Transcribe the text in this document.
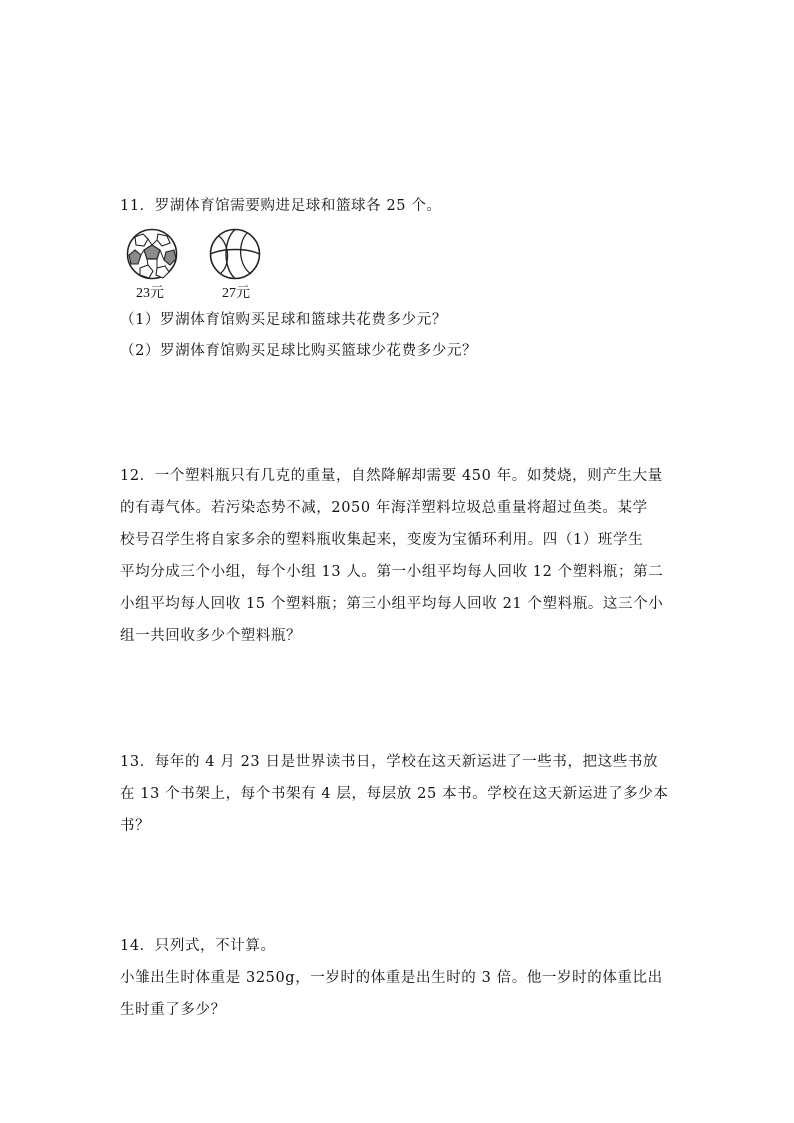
11．罗湖体育馆需要购进足球和篮球各 25 个。
23元	27元
（1）罗湖体育馆购买足球和篮球共花费多少元？
（2）罗湖体育馆购买足球比购买篮球少花费多少元？
12．一个塑料瓶只有几克的重量，自然降解却需要 450 年。如焚烧，则产生大量
的有毒气体。若污染态势不减，2050 年海洋塑料垃圾总重量将超过鱼类。某学
校号召学生将自家多余的塑料瓶收集起来，变废为宝循环利用。四（1）班学生
平均分成三个小组，每个小组 13 人。第一小组平均每人回收 12 个塑料瓶；第二
小组平均每人回收 15 个塑料瓶；第三小组平均每人回收 21 个塑料瓶。这三个小
组一共回收多少个塑料瓶？
13．每年的 4 月 23 日是世界读书日，学校在这天新运进了一些书，把这些书放
在 13 个书架上，每个书架有 4 层，每层放 25 本书。学校在这天新运进了多少本
书？
14．只列式，不计算。
小雏出生时体重是 3250g，一岁时的体重是出生时的 3 倍。他一岁时的体重比出
生时重了多少？
